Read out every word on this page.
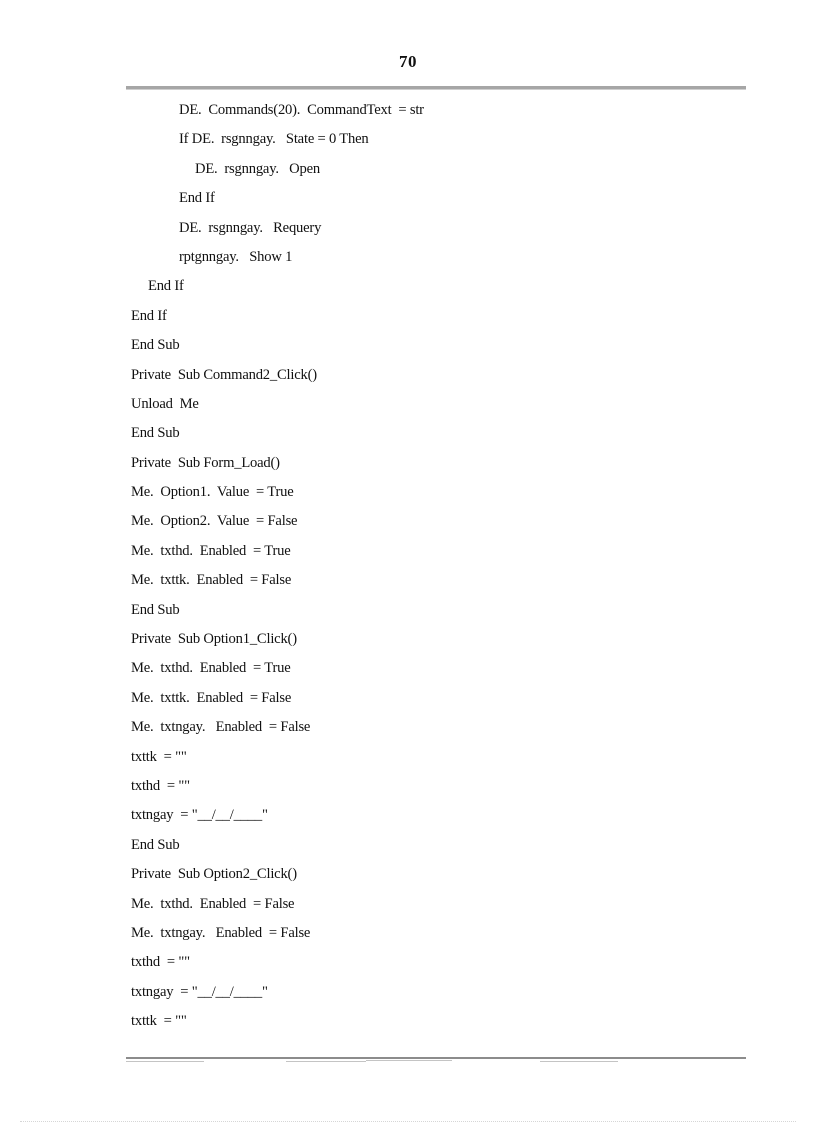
70
DE.  Commands(20).  CommandText  = str
If DE.  rsgnngay.   State = 0 Then
DE.  rsgnngay.   Open
End If
DE.  rsgnngay.   Requery
rptgnngay.   Show 1
End If
End If
End Sub
Private  Sub Command2_Click()
Unload  Me
End Sub
Private  Sub Form_Load()
Me.  Option1.  Value  = True
Me.  Option2.  Value  = False
Me.  txthd.  Enabled  = True
Me.  txttk.  Enabled  = False
End Sub
Private  Sub Option1_Click()
Me.  txthd.  Enabled  = True
Me.  txttk.  Enabled  = False
Me.  txtngay.   Enabled  = False
txttk  = ""
txthd  = ""
txtngay  = "__/__/____"
End Sub
Private  Sub Option2_Click()
Me.  txthd.  Enabled  = False
Me.  txtngay.   Enabled  = False
txthd  = ""
txtngay  = "__/__/____"
txttk  = ""
